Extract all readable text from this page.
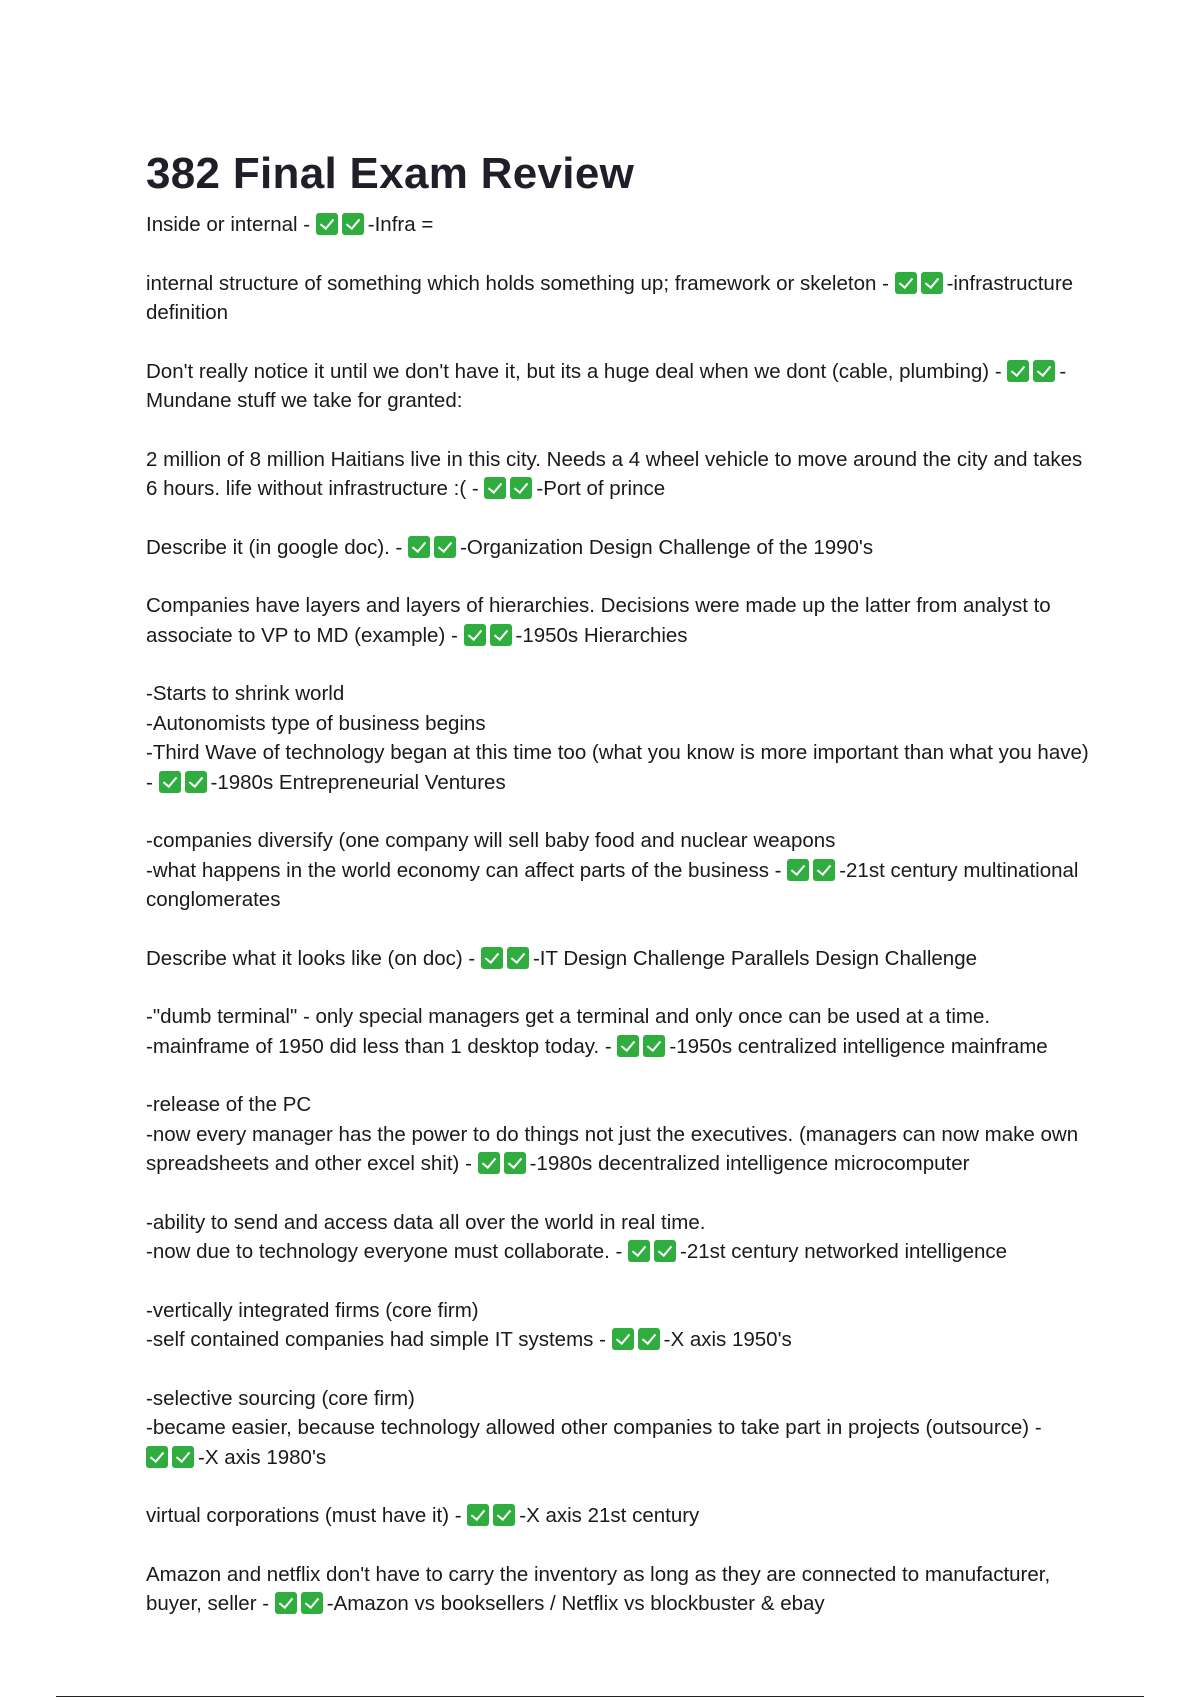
382 Final Exam Review

Inside or internal -	-Infra =

internal structure of something which holds something up; framework or skeleton -	-infrastructure definition

Don't really notice it until we don't have it, but its a huge deal when we dont (cable, plumbing) -	-Mundane stuff we take for granted:

2 million of 8 million Haitians live in this city. Needs a 4 wheel vehicle to move around the city and takes 6 hours. life without infrastructure :( -	-Port of prince

Describe it (in google doc). -	-Organization Design Challenge of the 1990's

Companies have layers and layers of hierarchies. Decisions were made up the latter from analyst to associate to VP to MD (example) -	-1950s Hierarchies

-Starts to shrink world
-Autonomists type of business begins
-Third Wave of technology began at this time too (what you know is more important than what you have) -	-1980s Entrepreneurial Ventures

-companies diversify (one company will sell baby food and nuclear weapons
-what happens in the world economy can affect parts of the business -	-21st century multinational conglomerates

Describe what it looks like (on doc) -	-IT Design Challenge Parallels Design Challenge

-"dumb terminal" - only special managers get a terminal and only once can be used at a time.
-mainframe of 1950 did less than 1 desktop today. -	-1950s centralized intelligence mainframe

-release of the PC
-now every manager has the power to do things not just the executives. (managers can now make own spreadsheets and other excel shit) -	-1980s decentralized intelligence microcomputer

-ability to send and access data all over the world in real time.
-now due to technology everyone must collaborate. -	-21st century networked intelligence

-vertically integrated firms (core firm)
-self contained companies had simple IT systems -	-X axis 1950's

-selective sourcing (core firm)
-became easier, because technology allowed other companies to take part in projects (outsource) - -X axis 1980's

virtual corporations (must have it) -	-X axis 21st century

Amazon and netflix don't have to carry the inventory as long as they are connected to manufacturer, buyer, seller -	-Amazon vs booksellers / Netflix vs blockbuster & ebay
